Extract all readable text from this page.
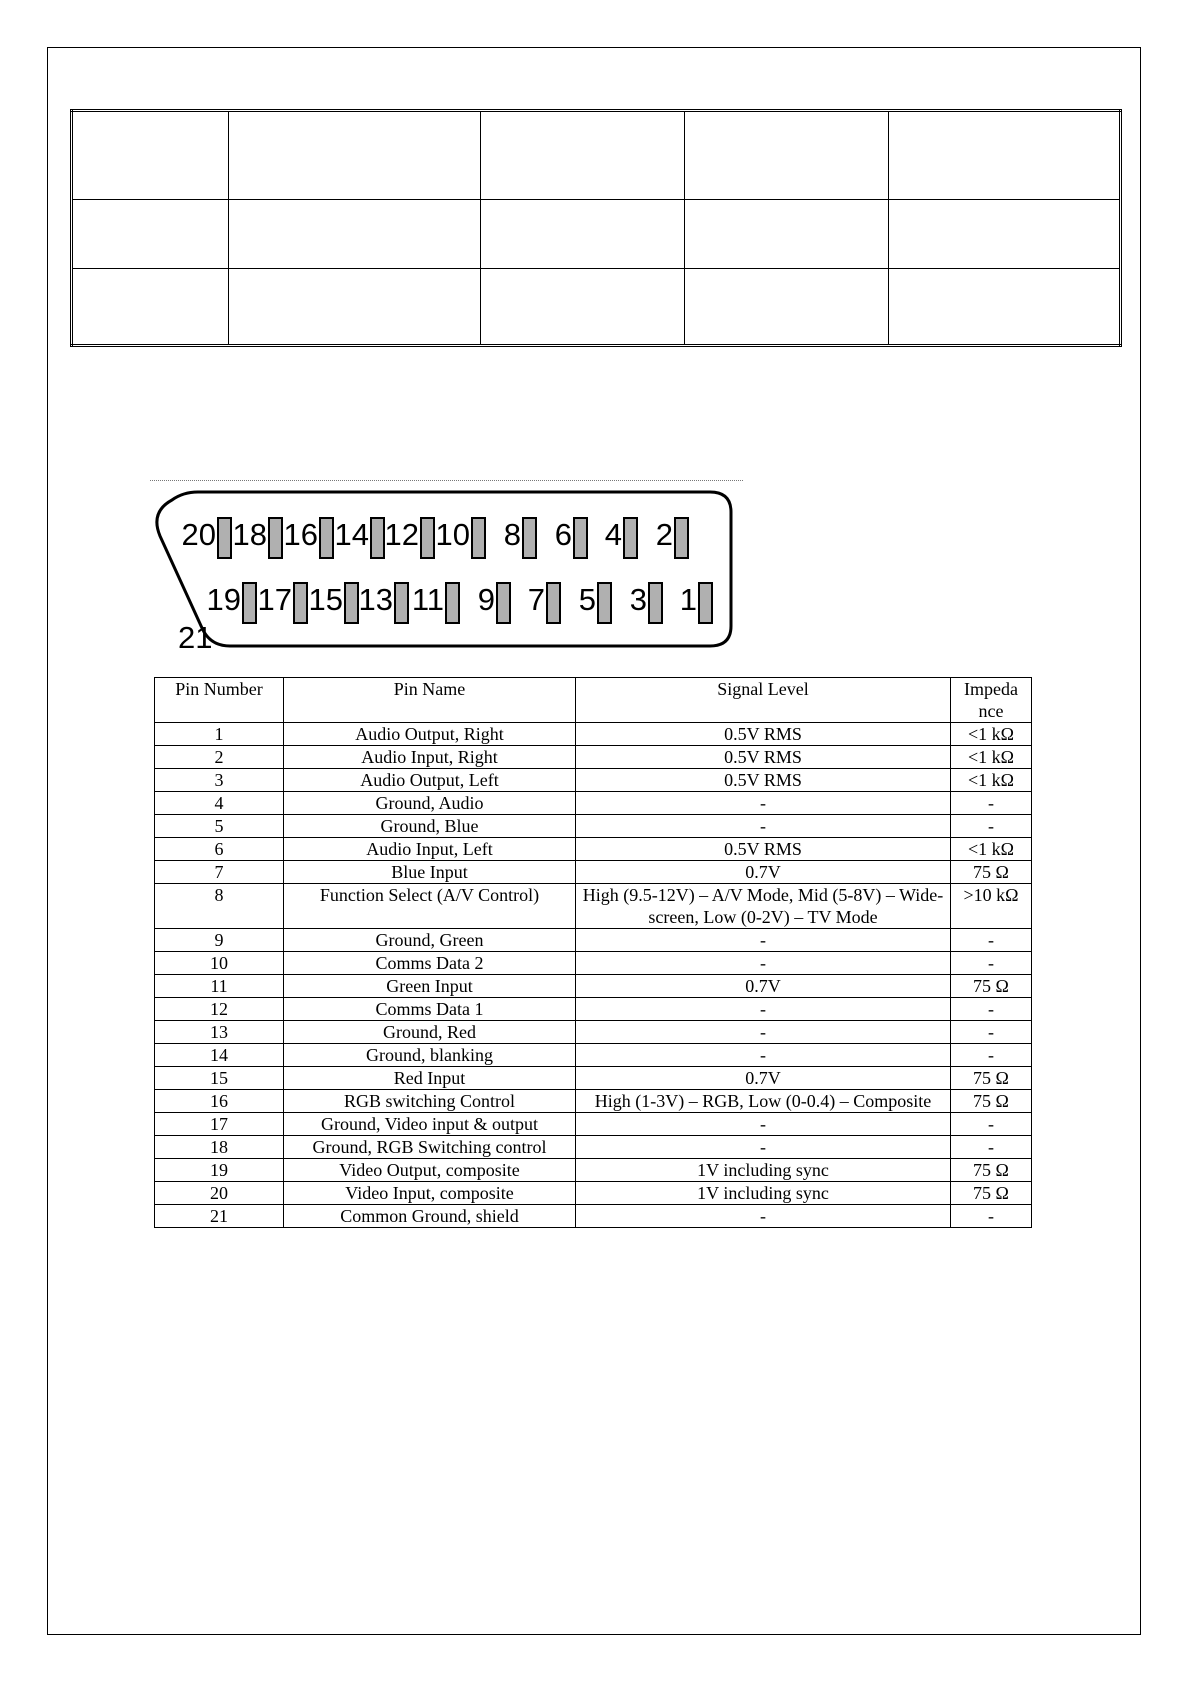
20 18 16 14 12 10 8 6 4 2
19 17 15 13 11 9 7 5 3 1
21
Pin Number	Pin Name	Signal Level	Impeda nce
1	Audio Output, Right	0.5V RMS	<1 kΩ
2	Audio Input, Right	0.5V RMS	<1 kΩ
3	Audio Output, Left	0.5V RMS	<1 kΩ
4	Ground, Audio	-	-
5	Ground, Blue	-	-
6	Audio Input, Left	0.5V RMS	<1 kΩ
7	Blue Input	0.7V	75 Ω
8	Function Select (A/V Control)	High (9.5-12V) – A/V Mode, Mid (5-8V) – Wide-screen, Low (0-2V) – TV Mode	>10 kΩ
9	Ground, Green	-	-
10	Comms Data 2	-	-
11	Green Input	0.7V	75 Ω
12	Comms Data 1	-	-
13	Ground, Red	-	-
14	Ground, blanking	-	-
15	Red Input	0.7V	75 Ω
16	RGB switching Control	High (1-3V) – RGB, Low (0-0.4) – Composite	75 Ω
17	Ground, Video input & output	-	-
18	Ground, RGB Switching control	-	-
19	Video Output, composite	1V including sync	75 Ω
20	Video Input, composite	1V including sync	75 Ω
21	Common Ground, shield	-	-
